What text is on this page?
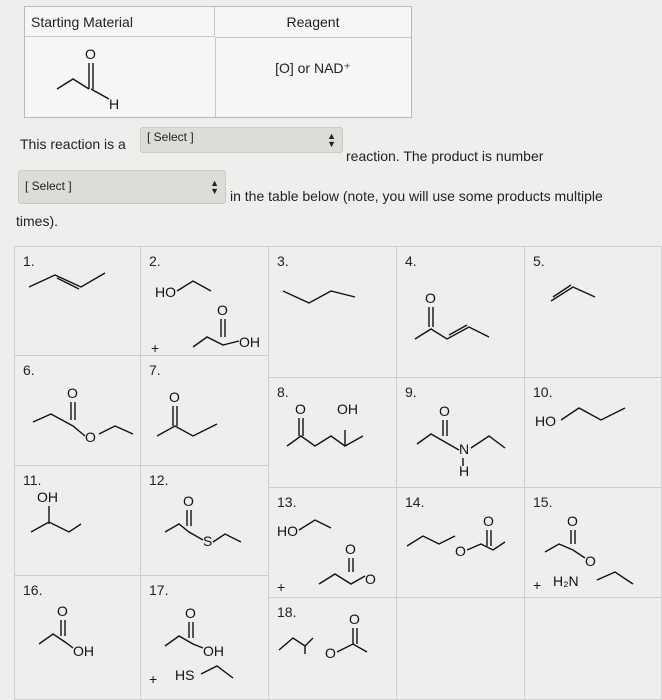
Starting Material	Reagent
O
H
[O] or NAD⁺
This reaction is a	[ Select ]	▲
▼
reaction. The product is number
[ Select ]	▲
▼ in the table below (note, you will use some products multiple
times).
1.	2.
HO
O
OH
+
3.	4.
O
5.
6.
O
O
7.
O	8.
O OH
9.
O
N
H
10.
HO
11.
OH
12.
O
S
13.
HO
O
O
+
14.
O
O
15.
O
O
H₂N
+
16.
O
OH
17.
O
OH
HS
+
18.	O
O
